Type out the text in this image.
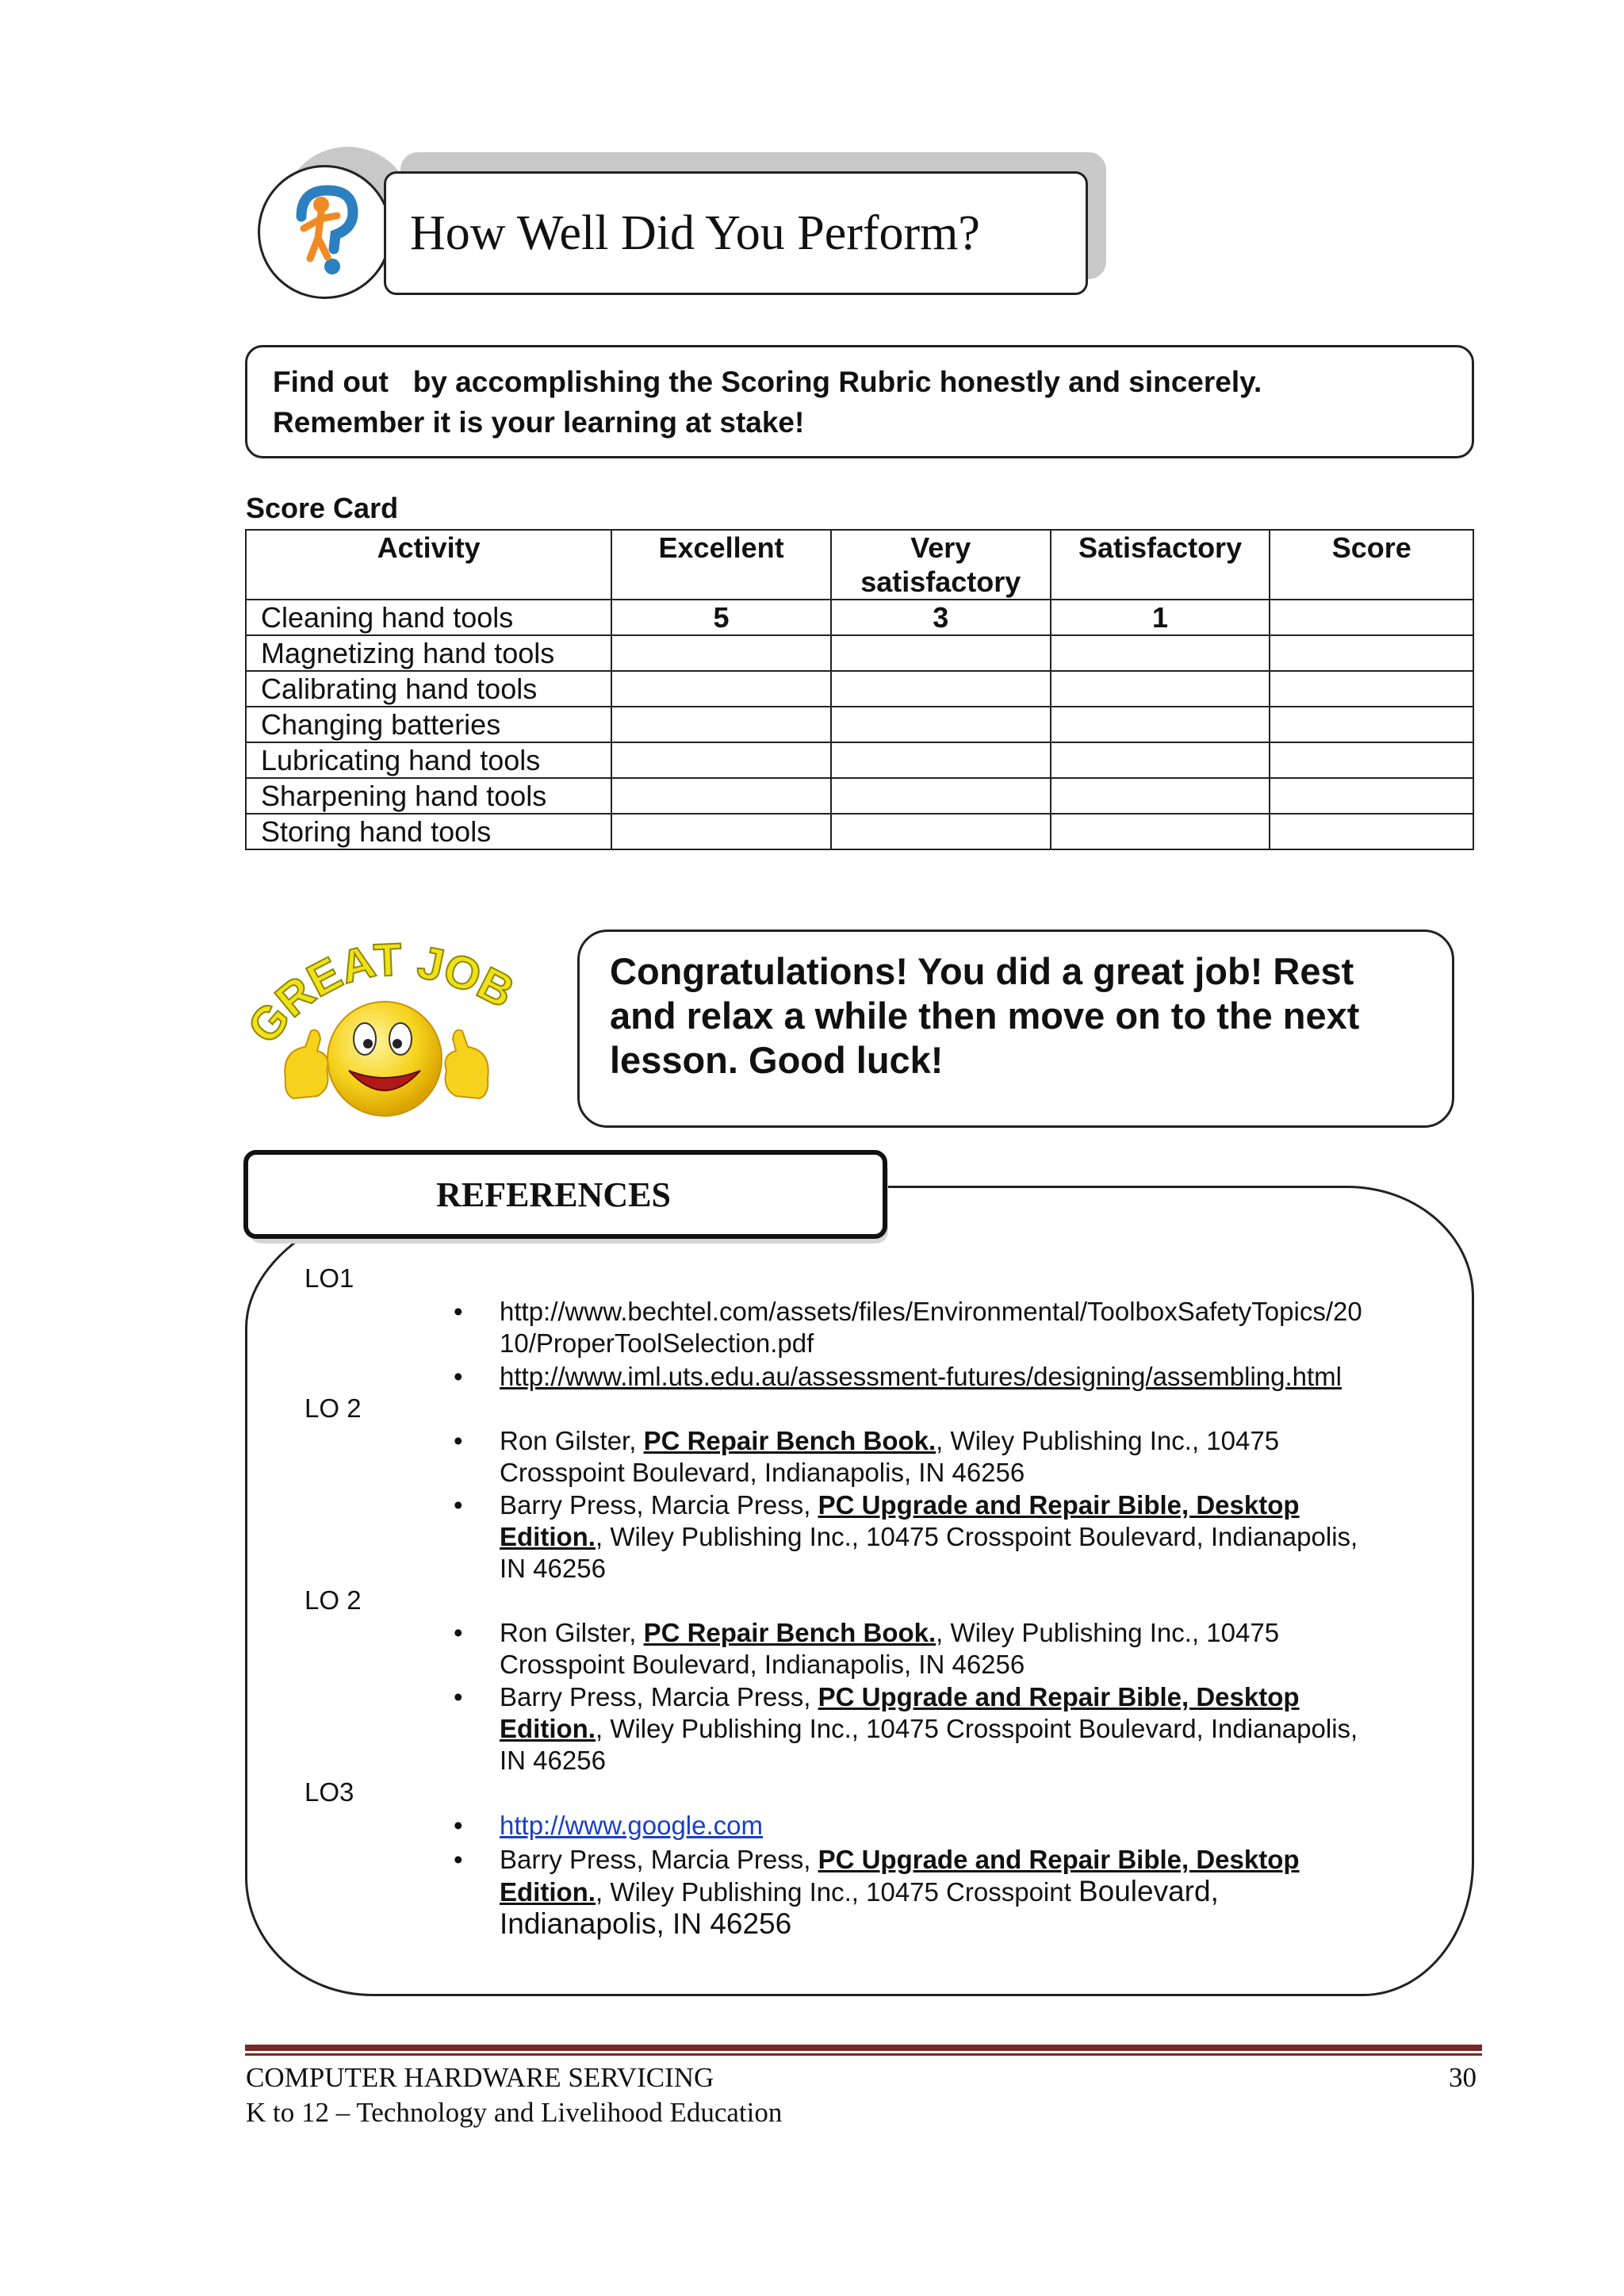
How Well Did You Perform?
Find out   by accomplishing the Scoring Rubric honestly and sincerely.
Remember it is your learning at stake!
Score Card
Activity	Excellent	Very satisfactory	Satisfactory	Score
Cleaning hand tools	5	3	1	
Magnetizing hand tools				
Calibrating hand tools				
Changing batteries				
Lubricating hand tools				
Sharpening hand tools				
Storing hand tools				
GREAT JOB Congratulations! You did a great job! Rest and relax a while then move on to the next lesson. Good luck!
REFERENCES
LO1
• http://www.bechtel.com/assets/files/Environmental/ToolboxSafetyTopics/20
10/ProperToolSelection.pdf
• http://www.iml.uts.edu.au/assessment-futures/designing/assembling.html
LO 2
• Ron Gilster, PC Repair Bench Book., Wiley Publishing Inc., 10475
Crosspoint Boulevard, Indianapolis, IN 46256
• Barry Press, Marcia Press, PC Upgrade and Repair Bible, Desktop
Edition., Wiley Publishing Inc., 10475 Crosspoint Boulevard, Indianapolis,
IN 46256
LO 2
• Ron Gilster, PC Repair Bench Book., Wiley Publishing Inc., 10475
Crosspoint Boulevard, Indianapolis, IN 46256
• Barry Press, Marcia Press, PC Upgrade and Repair Bible, Desktop
Edition., Wiley Publishing Inc., 10475 Crosspoint Boulevard, Indianapolis,
IN 46256
LO3
• http://www.google.com
• Barry Press, Marcia Press, PC Upgrade and Repair Bible, Desktop
Edition., Wiley Publishing Inc., 10475 Crosspoint Boulevard,
Indianapolis, IN 46256
COMPUTER HARDWARE SERVICING	30
K to 12 – Technology and Livelihood Education
